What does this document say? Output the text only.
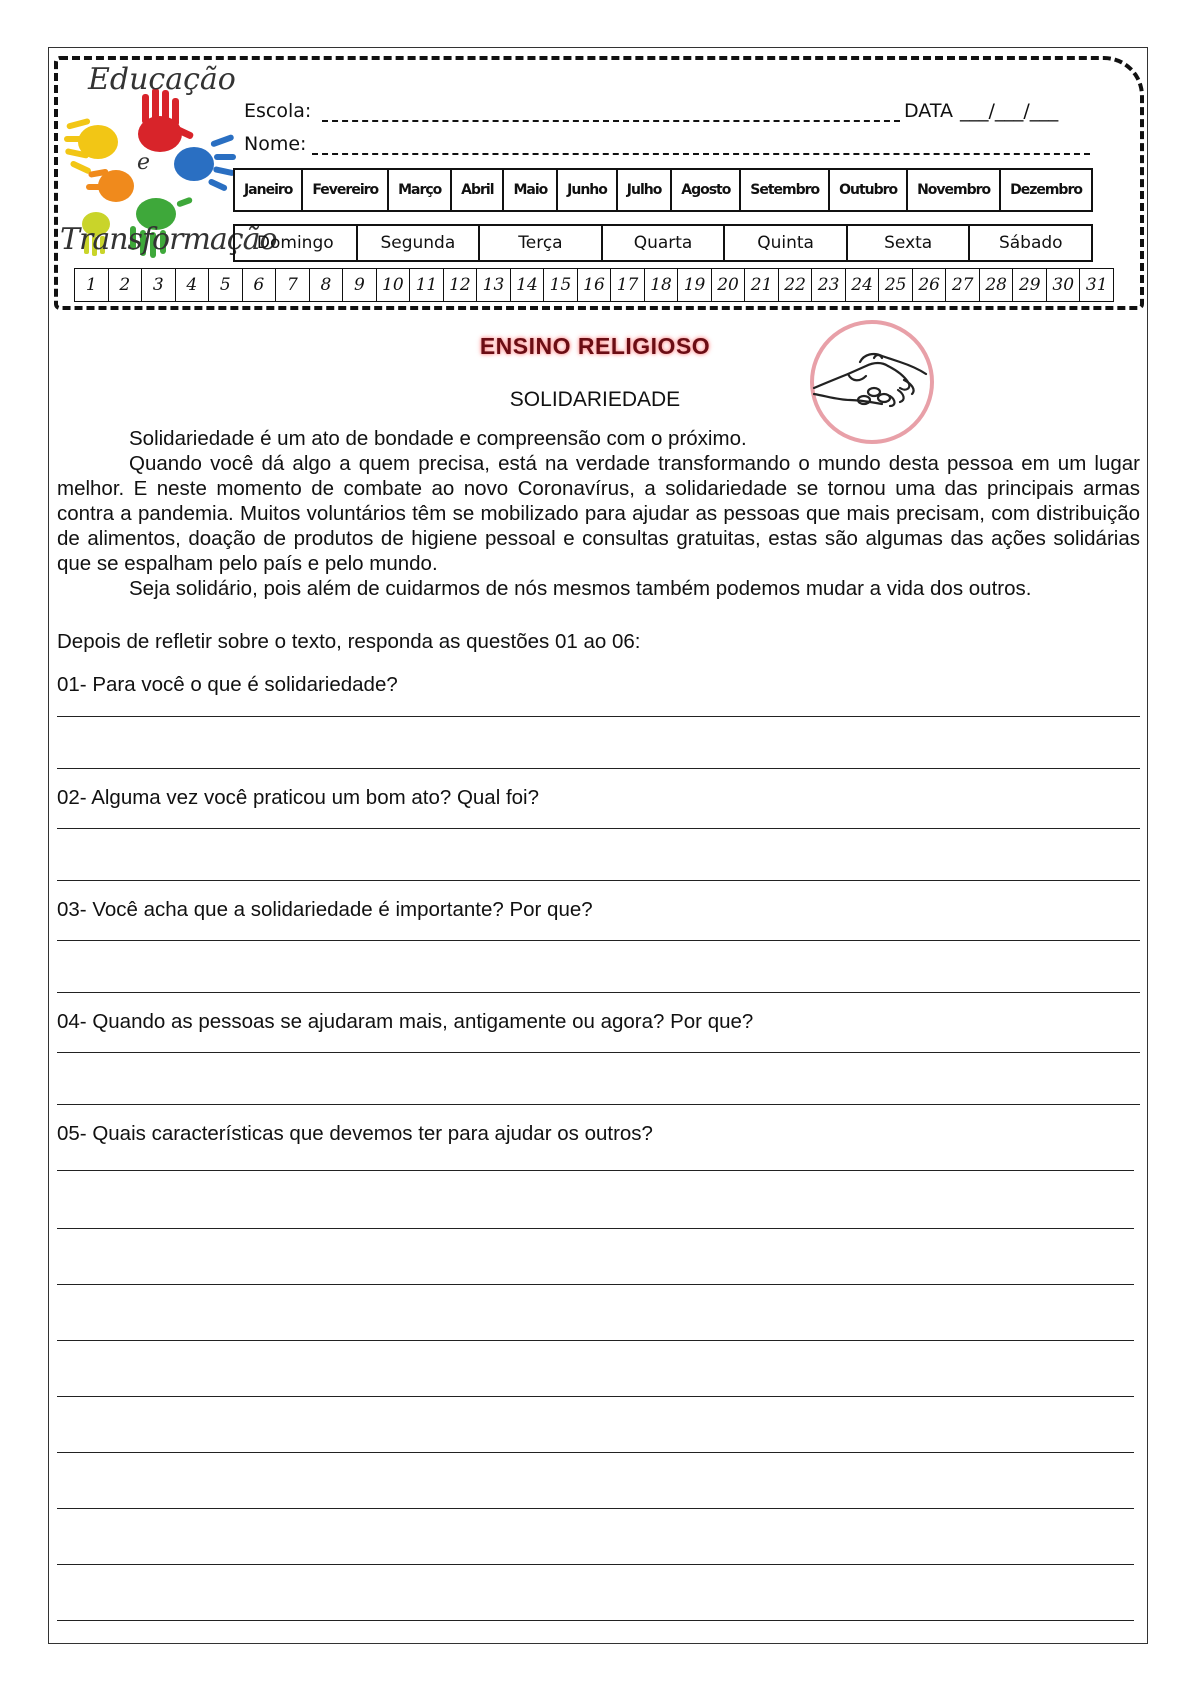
Educação
e
Transformação
Escola:	DATA ___/___/___
Nome:
Janeiro	Fevereiro	Março	Abril	Maio	Junho	Julho	Agosto	Setembro	Outubro	Novembro	Dezembro
Domingo	Segunda	Terça	Quarta	Quinta	Sexta	Sábado
1	2	3	4	5	6	7	8	9	10 11 12 13 14 15 16 17 18 19 20 21 22 23 24 25 26 27 28 29 30 31
ENSINO RELIGIOSO
SOLIDARIEDADE

Solidariedade é um ato de bondade e compreensão com o próximo.

Quando você dá algo a quem precisa, está na verdade transformando o mundo desta pessoa em um lugar melhor. E neste momento de combate ao novo Coronavírus, a solidariedade se tornou uma das principais armas contra a pandemia. Muitos voluntários têm se mobilizado para ajudar as pessoas que mais precisam, com distribuição de alimentos, doação de produtos de higiene pessoal e consultas gratuitas, estas são algumas das ações solidárias que se espalham pelo país e pelo mundo.

Seja solidário, pois além de cuidarmos de nós mesmos também podemos mudar a vida dos outros.

Depois de refletir sobre o texto, responda as questões 01 ao 06:
01- Para você o que é solidariedade?
02- Alguma vez você praticou um bom ato? Qual foi?
03- Você acha que a solidariedade é importante? Por que?
04- Quando as pessoas se ajudaram mais, antigamente ou agora? Por que?
05- Quais características que devemos ter para ajudar os outros?
